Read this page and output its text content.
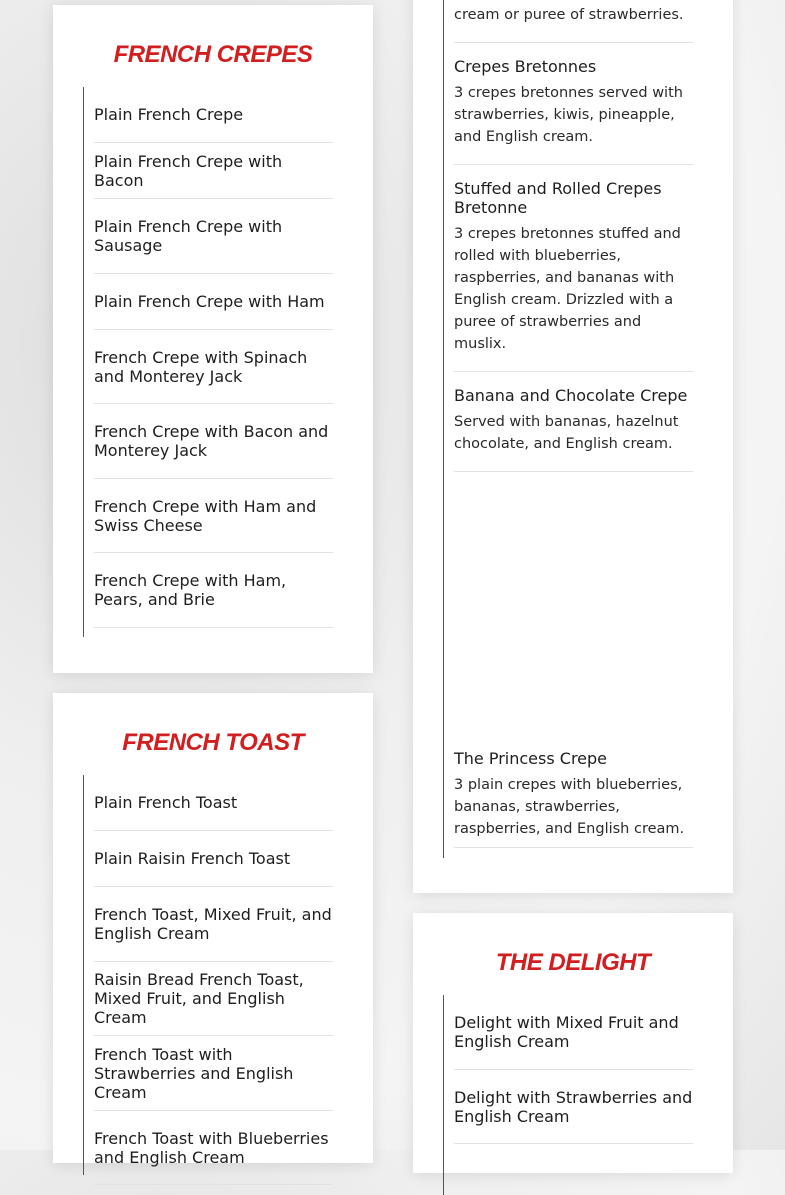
FRENCH CREPES
Plain French Crepe
Plain French Crepe with Bacon
Plain French Crepe with Sausage
Plain French Crepe with Ham
French Crepe with Spinach and Monterey Jack
French Crepe with Bacon and Monterey Jack
French Crepe with Ham and Swiss Cheese
French Crepe with Ham, Pears, and Brie
FRENCH TOAST
Plain French Toast
Plain Raisin French Toast
French Toast, Mixed Fruit, and English Cream
Raisin Bread French Toast, Mixed Fruit, and English Cream
French Toast with Strawberries and English Cream
French Toast with Blueberries and English Cream
cream or puree of strawberries.
Crepes Bretonnes
3 crepes bretonnes served with strawberries, kiwis, pineapple, and English cream.
Stuffed and Rolled Crepes Bretonne
3 crepes bretonnes stuffed and rolled with blueberries, raspberries, and bananas with English cream. Drizzled with a puree of strawberries and muslix.
Banana and Chocolate Crepe
Served with bananas, hazelnut chocolate, and English cream.
The Princess Crepe
3 plain crepes with blueberries, bananas, strawberries, raspberries, and English cream.
THE DELIGHT
Delight with Mixed Fruit and English Cream
Delight with Strawberries and English Cream
